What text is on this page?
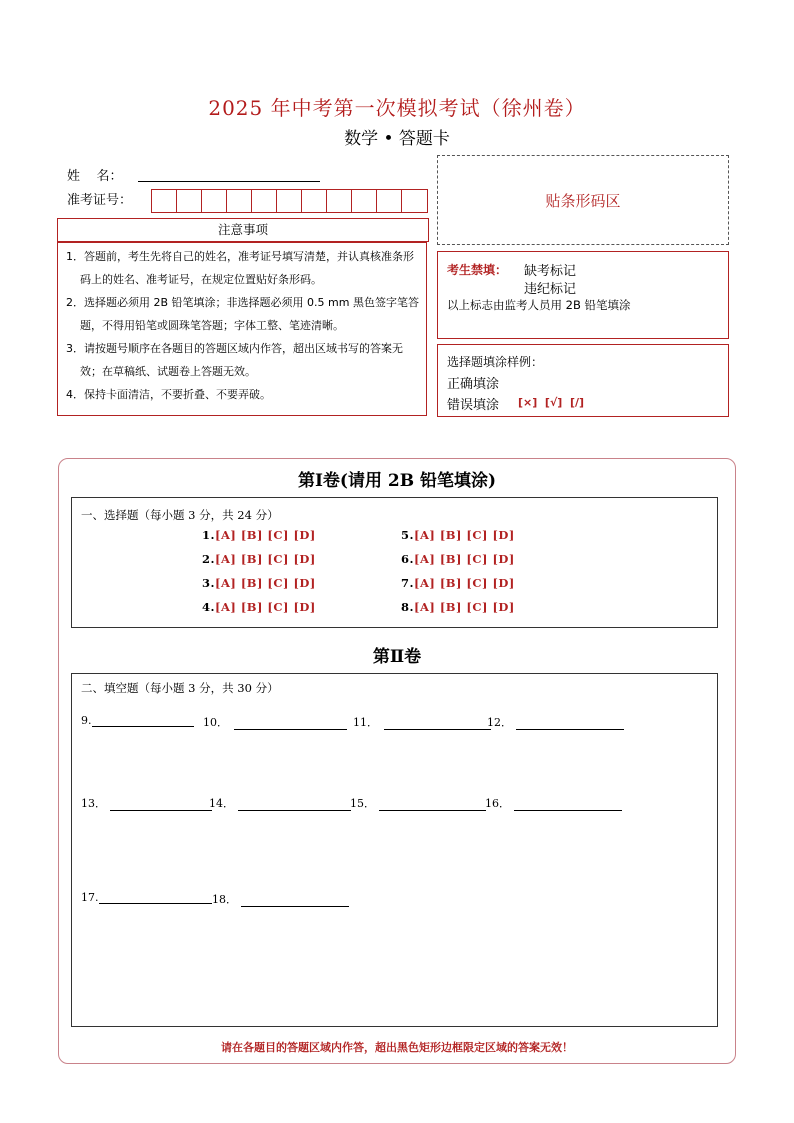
2025 年中考第一次模拟考试（徐州卷）
数学 • 答题卡
姓    名：
准考证号：
注意事项

1．答题前，考生先将自己的姓名，准考证号填写清楚，并认真核准条形码上的姓名、准考证号，在规定位置贴好条形码。

2．选择题必须用 2B 铅笔填涂；非选择题必须用 0.5 mm 黑色签字笔答题，不得用铅笔或圆珠笔答题；字体工整、笔迹清晰。

3．请按题号顺序在各题目的答题区域内作答，超出区域书写的答案无效；在草稿纸、试题卷上答题无效。

4．保持卡面清洁，不要折叠、不要弄破。

贴条形码区
考生禁填： 缺考标记
违纪标记
以上标志由监考人员用 2B 铅笔填涂
选择题填涂样例：
正确填涂
错误填涂 [×]  [√]  [/]
第Ⅰ卷(请用 2B 铅笔填涂)
一、选择题（每小题 3 分，共 24 分）
1.[A] [B] [C] [D]
2.[A] [B] [C] [D]
3.[A] [B] [C] [D]
4.[A] [B] [C] [D]
5.[A] [B] [C] [D]
6.[A] [B] [C] [D]
7.[A] [B] [C] [D]
8.[A] [B] [C] [D]
第Ⅱ卷
二、填空题（每小题 3 分，共 30 分）
9.	10．	11．	12．
13．	14．	15．	16．
17.	18．
请在各题目的答题区域内作答，超出黑色矩形边框限定区域的答案无效！
